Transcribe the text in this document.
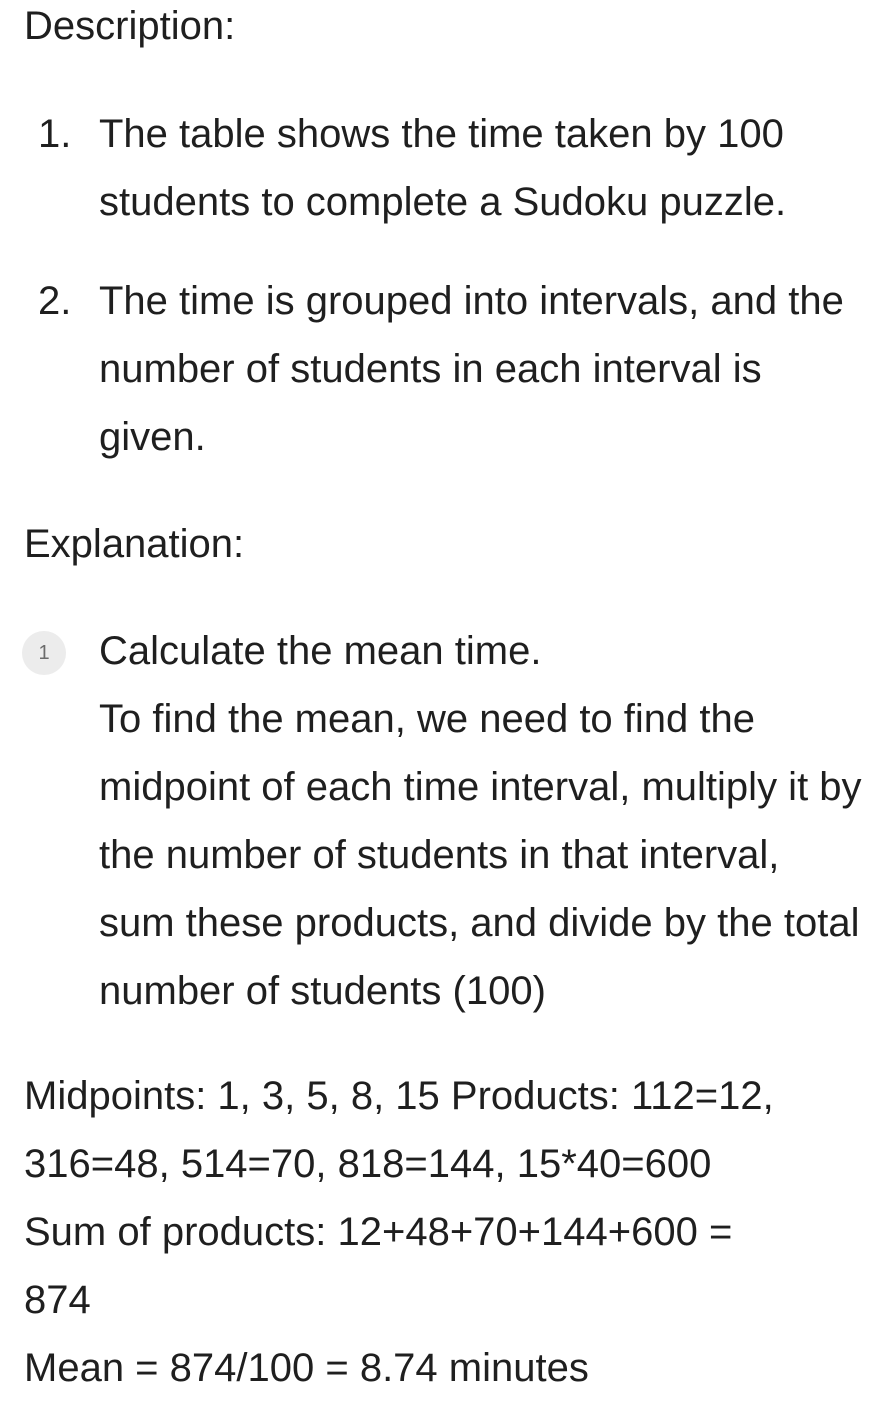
Description:
1. The table shows the time taken by 100 students to complete a Sudoku puzzle.
2. The time is grouped into intervals, and the number of students in each interval is given.
Explanation:
1	Calculate the mean time.
To find the mean, we need to find the midpoint of each time interval, multiply it by the number of students in that interval, sum these products, and divide by the total number of students (100)
Midpoints: 1, 3, 5, 8, 15 Products: 112=12,
316=48, 514=70, 818=144, 15*40=600
Sum of products: 12+48+70+144+600 =
874
Mean = 874/100 = 8.74 minutes
